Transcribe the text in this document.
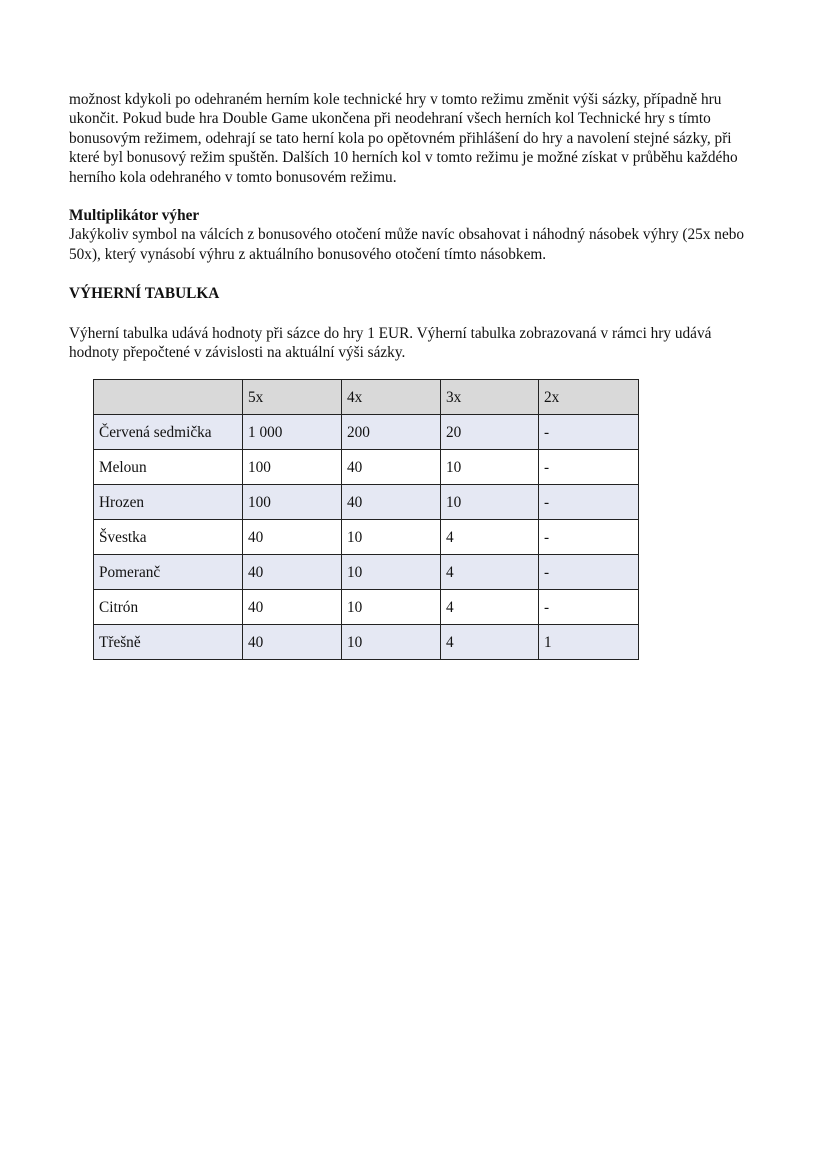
možnost kdykoli po odehraném herním kole technické hry v tomto režimu změnit výši sázky, případně hru ukončit. Pokud bude hra Double Game ukončena při neodehraní všech herních kol Technické hry s tímto bonusovým režimem, odehrají se tato herní kola po opětovném přihlášení do hry a navolení stejné sázky, při které byl bonusový režim spuštěn. Dalších 10 herních kol v tomto režimu je možné získat v průběhu každého herního kola odehraného v tomto bonusovém režimu.

Multiplikátor výher

Jakýkoliv symbol na válcích z bonusového otočení může navíc obsahovat i náhodný násobek výhry (25x nebo 50x), který vynásobí výhru z aktuálního bonusového otočení tímto násobkem.

VÝHERNÍ TABULKA

Výherní tabulka udává hodnoty při sázce do hry 1 EUR. Výherní tabulka zobrazovaná v rámci hry udává hodnoty přepočtené v závislosti na aktuální výši sázky.

	5x	4x	3x	2x
Červená sedmička	1 000	200	20	-
Meloun	100	40	10	-
Hrozen	100	40	10	-
Švestka	40	10	4	-
Pomeranč	40	10	4	-
Citrón	40	10	4	-
Třešně	40	10	4	1
